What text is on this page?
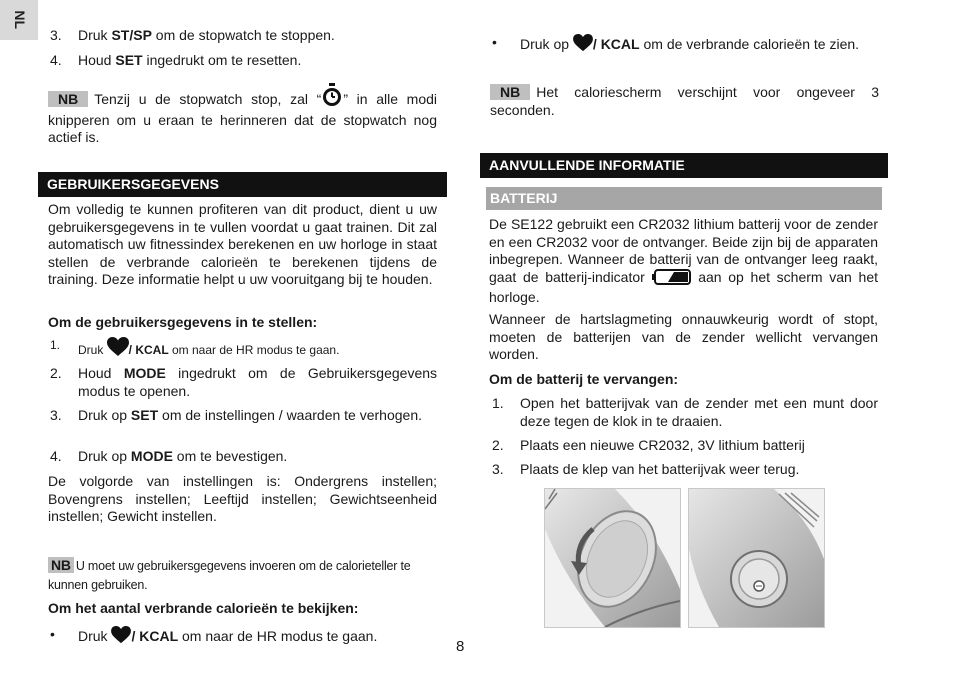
NL
3.	Druk ST/SP om de stopwatch te stoppen.
4.	Houd SET ingedrukt om te resetten.
NB Tenzij u de stopwatch stop, zal “ ” in alle modi knipperen om u eraan te herinneren dat de stopwatch nog actief is.
GEBRUIKERSGEGEVENS
Om volledig te kunnen profiteren van dit product, dient u uw gebruikersgegevens in te vullen voordat u gaat trainen. Dit zal automatisch uw fitnessindex berekenen en uw horloge in staat stellen de verbrande calorieën te berekenen tijdens de training. Deze informatie helpt u uw vooruitgang bij te houden.
Om de gebruikersgegevens in te stellen:
1.	Druk / KCAL om naar de HR modus te gaan.
2.	Houd MODE ingedrukt om de Gebruikersgegevens modus te openen.
3.	Druk op SET om de instellingen / waarden te verhogen.
4.	Druk op MODE om te bevestigen.
De volgorde van instellingen is: Ondergrens instellen; Bovengrens instellen; Leeftijd instellen; Gewichtseenheid instellen; Gewicht instellen.
NB U moet uw gebruikersgegevens invoeren om de calorieteller te kunnen gebruiken.
Om het aantal verbrande calorieën te bekijken:
•	Druk / KCAL om naar de HR modus te gaan.
•	Druk op / KCAL om de verbrande calorieën te zien.
NB Het caloriescherm verschijnt voor ongeveer 3 seconden.
AANVULLENDE INFORMATIE
BATTERIJ
De SE122 gebruikt een CR2032 lithium batterij voor de zender en een CR2032 voor de ontvanger. Beide zijn bij de apparaten inbegrepen. Wanneer de batterij van de ontvanger leeg raakt, gaat de batterij-indicator	aan op het scherm van het horloge.
Wanneer de hartslagmeting onnauwkeurig wordt of stopt, moeten de batterijen van de zender wellicht vervangen worden.
Om de batterij te vervangen:
1.	Open het batterijvak van de zender met een munt door deze tegen de klok in te draaien.
2.	Plaats een nieuwe CR2032, 3V lithium batterij
3.	Plaats de klep van het batterijvak weer terug.
8
